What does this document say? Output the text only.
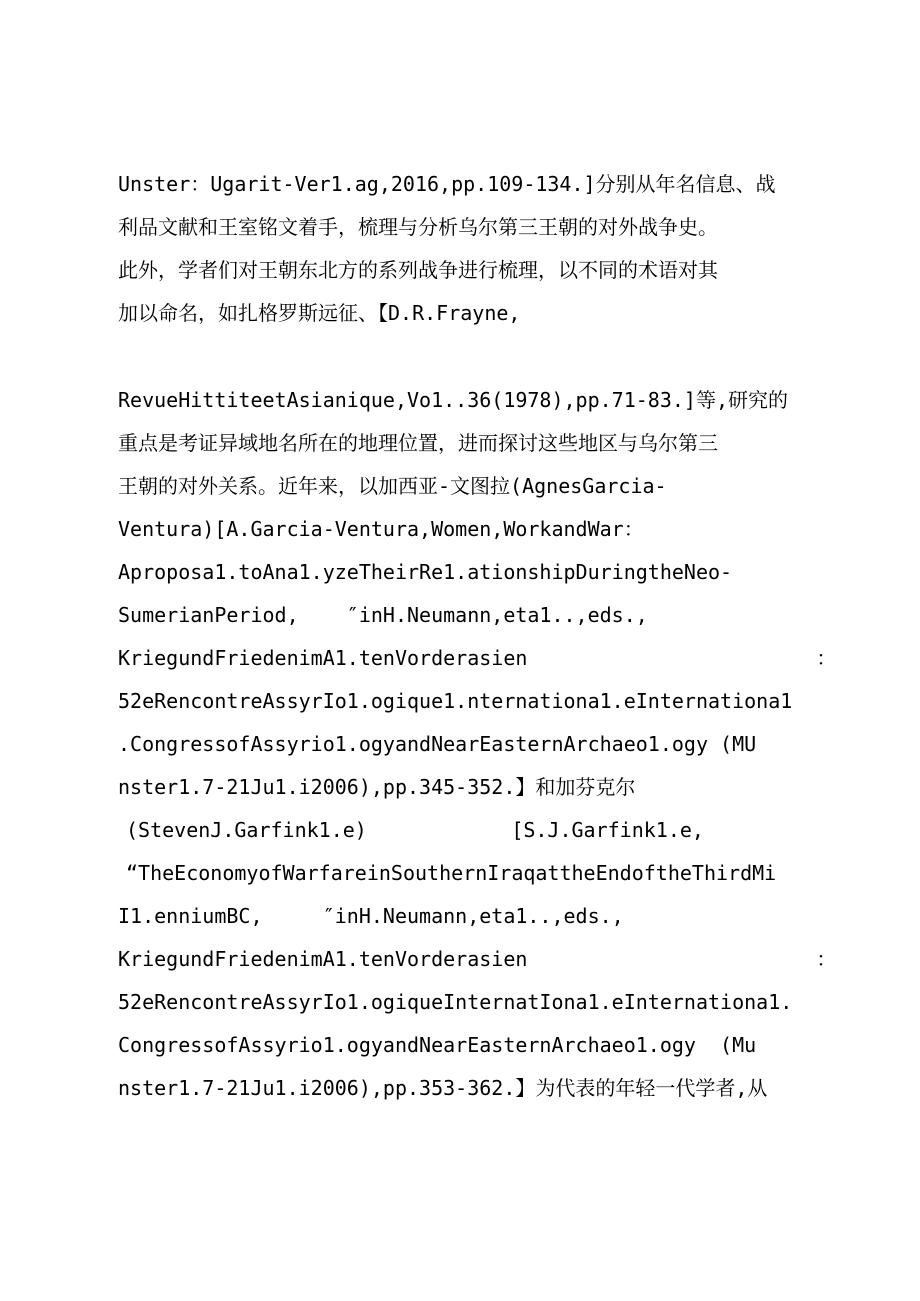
Unster：Ugarit-Ver1.ag,2016,pp.109-134.]分别从年名信息、战
利品文献和王室铭文着手，梳理与分析乌尔第三王朝的对外战争史。
此外，学者们对王朝东北方的系列战争进行梳理，以不同的术语对其
加以命名，如扎格罗斯远征、【D.R.Frayne,
RevueHittiteetAsianique,Vo1..36(1978),pp.71-83.]等,研究的
重点是考证异域地名所在的地理位置，进而探讨这些地区与乌尔第三
王朝的对外关系。近年来，以加西亚-文图拉(AgnesGarcia-
Ventura)[A.Garcia-Ventura,Women,WorkandWar：
Aproposa1.toAna1.yzeTheirRe1.ationshipDuringtheNeo-
SumerianPeriod,    ″inH.Neumann,eta1..,eds.,
KriegundFriedenimA1.tenVorderasien                        ：
52eRencontreAssyrIo1.ogique1.nternationa1.eInternationa1
.CongressofAssyrio1.ogyandNearEasternArchaeo1.ogy (MU
nster1.7-21Ju1.i2006),pp.345-352.】和加芬克尔
(StevenJ.Garfink1.e)            [S.J.Garfink1.e,
“TheEconomyofWarfareinSouthernIraqattheEndoftheThirdMi
I1.enniumBC,     ″inH.Neumann,eta1..,eds.,
KriegundFriedenimA1.tenVorderasien                        ：
52eRencontreAssyrIo1.ogiqueInternatIona1.eInternationa1.
CongressofAssyrio1.ogyandNearEasternArchaeo1.ogy  (Mu
nster1.7-21Ju1.i2006),pp.353-362.】为代表的年轻一代学者,从
